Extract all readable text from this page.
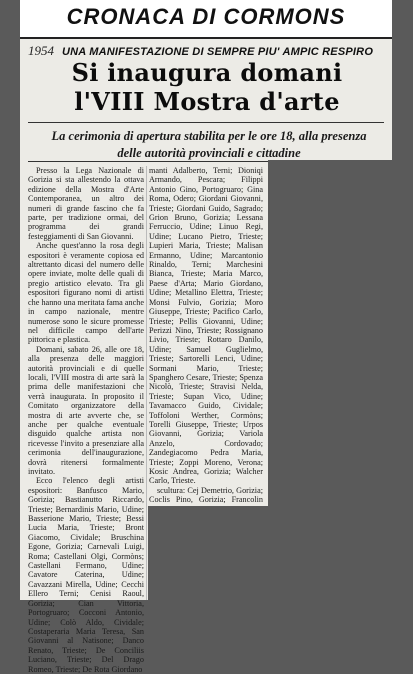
CRONACA DI CORMONS
1954 UNA MANIFESTAZIONE DI SEMPRE PIU' AMPIC RESPIRO
Si inaugura domani
l'VIII Mostra d'arte
La cerimonia di apertura stabilita per le ore 18, alla presenza delle autorità provinciali e cittadine

Presso la Lega Nazionale di Gorizia si sta allestendo la ottava edizione della Mostra d'Arte Contemporanea, un altro dei numeri di grande fascino che fa parte, per tradizione ormai, del programma dei grandi festeggiamenti di San Giovanni.

Anche quest'anno la rosa degli espositori è veramente copiosa ed altrettanto dicasi del numero delle opere inviate, molte delle quali di pregio artistico elevato. Tra gli espositori figurano nomi di artisti che hanno una meritata fama anche in campo nazionale, mentre numerose sono le sicure promesse nel difficile campo dell'arte pittorica e plastica.

Domani, sabato 26, alle ore 18, alla presenza delle maggiori autorità provinciali e di quelle locali, l'VIII mostra di arte sarà la prima delle manifestazioni che verrà inaugurata. In proposito il Comitato organizzatore della mostra di arte avverte che, se anche per qualche eventuale disguido qualche artista non ricevesse l'invito a presenziare alla cerimonia dell'inaugurazione, dovrà ritenersi formalmente invitato.

Ecco l'elenco degli artisti espositori: Banfusco Mario, Gorizia; Bastianutto Riccardo, Trieste; Bernardinis Mario, Udine; Basserione Mario, Trieste; Bessi Lucia Maria, Trieste; Bront Giacomo, Cividale; Bruschina Egone, Gorizia; Carnevali Luigi, Roma; Castellani Olgi, Cormòns; Castellani Fermano, Udine; Cavatore Caterina, Udine; Cavazzani Mirella, Udine; Cecchi Ellero Terni; Cenisi Raoul, Gorizia; Cian Vittoria, Portogruaro; Cocconi Antonio, Udine; Colò Aldo, Cividale; Costaperaria Maria Teresa, San Giovanni al Natisone; Danco Renato, Trieste; De Conciliis Luciano, Trieste; Del Drago Romeo, Trieste; De Rota Giordano

manti Adalberto, Terni; Dioniqi Armando, Pescara; Filippi Antonio Gino, Portogruaro; Gina Roma, Odero; Giordani Giovanni, Trieste; Giordani Guido, Sagrado; Grion Bruno, Gorizia; Lessana Ferruccio, Udine; Linuo Regi, Udine; Lucano Pietro, Trieste; Lupieri Maria, Trieste; Malisan Ermanno, Udine; Marcantonio Rinaldo, Terni; Marchesini Bianca, Trieste; Maria Marco, Paese d'Arta; Mario Giordano, Udine; Metallino Elettra, Trieste; Monsi Fulvio, Gorizia; Moro Giuseppe, Trieste; Pacifico Carlo, Trieste; Pellis Giovanni, Udine; Perizzi Nino, Trieste; Rossignano Livio, Trieste; Rottaro Danilo, Udine; Samuel Guglielmo, Trieste; Sartorelli Lenci, Udine; Sormani Mario, Trieste; Spanghero Cesare, Trieste; Spenza Nicolò, Trieste; Stravisi Nelda, Trieste; Supan Vico, Udine; Tavamacco Guido, Cividale; Toffoloni Werther, Cormòns; Torelli Giuseppe, Trieste; Urpos Giovanni, Gorizia; Variola Anzelo, Cordovado; Zandegiacomo Pedra Maria, Trieste; Zoppi Moreno, Verona; Kosic Andrea, Gorizia; Walcher Carlo, Trieste.

scultura: Cej Demetrio, Gorizia; Coclis Pino, Gorizia; Francolin
